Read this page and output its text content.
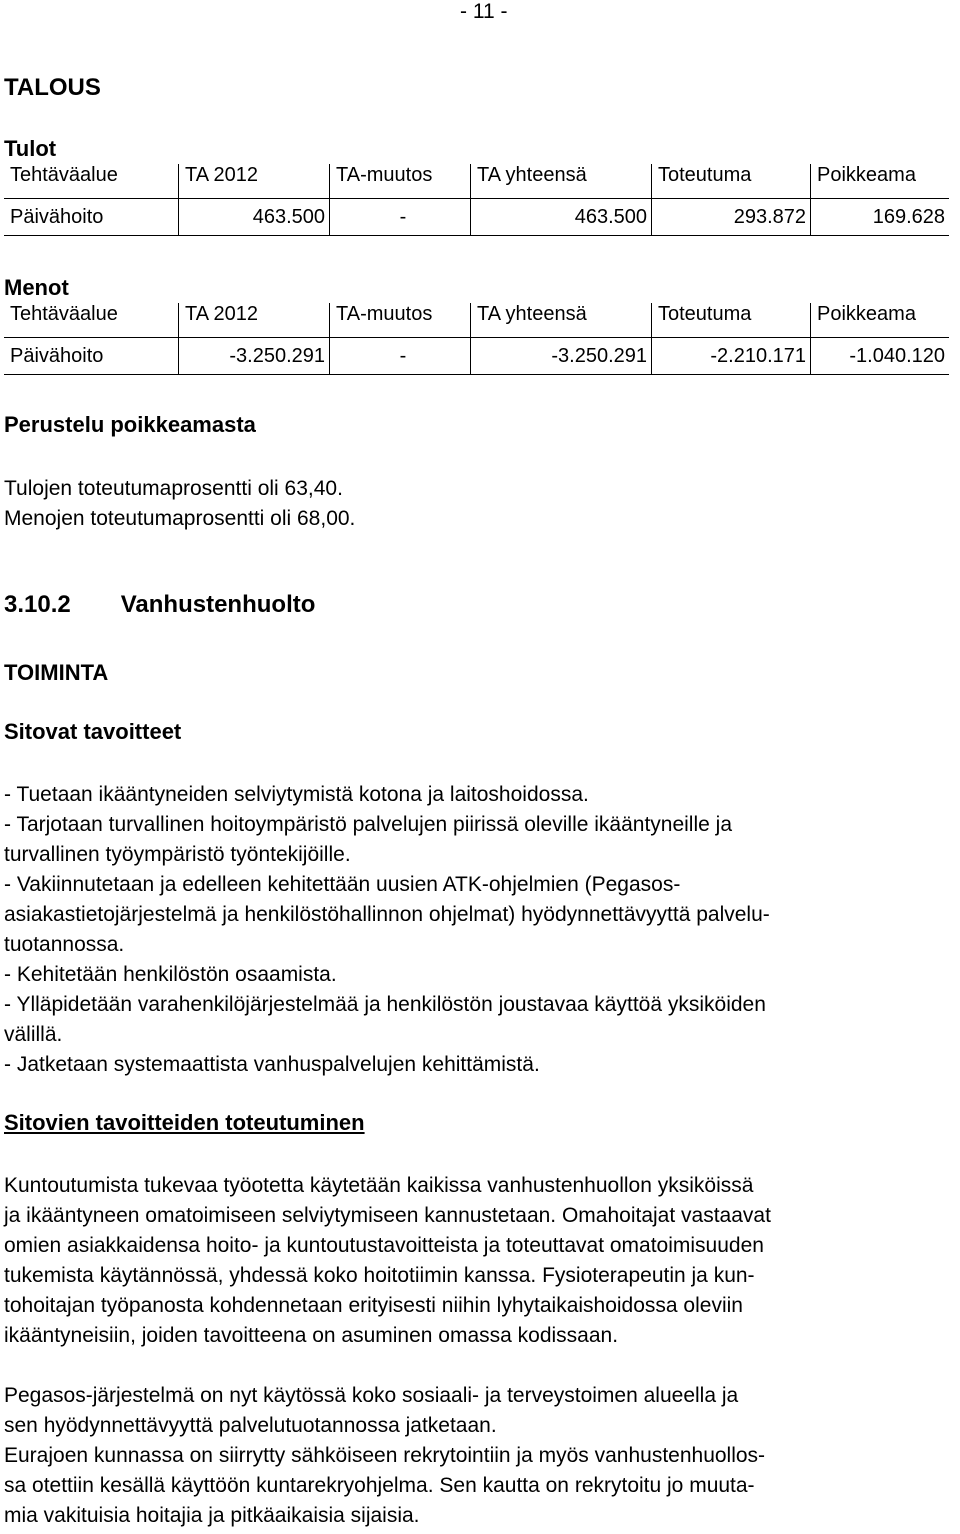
- 11 -
TALOUS
Tulot
Tehtäväalue	TA 2012	TA-muutos	TA yhteensä	Toteutuma	Poikkeama
Päivähoito	463.500	-	463.500	293.872	169.628
Menot
Tehtäväalue	TA 2012	TA-muutos	TA yhteensä	Toteutuma	Poikkeama
Päivähoito	-3.250.291	-	-3.250.291	-2.210.171	-1.040.120
Perustelu poikkeamasta
Tulojen toteutumaprosentti oli 63,40.
Menojen toteutumaprosentti oli 68,00.
3.10.2 Vanhustenhuolto
TOIMINTA
Sitovat tavoitteet
- Tuetaan ikääntyneiden selviytymistä kotona ja laitoshoidossa.
- Tarjotaan turvallinen hoitoympäristö palvelujen piirissä oleville ikääntyneille ja
turvallinen työympäristö työntekijöille.
- Vakiinnutetaan ja edelleen kehitettään uusien ATK-ohjelmien (Pegasos-
asiakastietojärjestelmä ja henkilöstöhallinnon ohjelmat) hyödynnettävyyttä palvelu-
tuotannossa.
- Kehitetään henkilöstön osaamista.
- Ylläpidetään varahenkilöjärjestelmää ja henkilöstön joustavaa käyttöä yksiköiden
välillä.
- Jatketaan systemaattista vanhuspalvelujen kehittämistä.
Sitovien tavoitteiden toteutuminen
Kuntoutumista tukevaa työotetta käytetään kaikissa vanhustenhuollon yksiköissä
ja ikääntyneen omatoimiseen selviytymiseen kannustetaan. Omahoitajat vastaavat
omien asiakkaidensa hoito- ja kuntoutustavoitteista ja toteuttavat omatoimisuuden
tukemista käytännössä, yhdessä koko hoitotiimin kanssa. Fysioterapeutin ja kun-
tohoitajan työpanosta kohdennetaan erityisesti niihin lyhytaikaishoidossa oleviin
ikääntyneisiin, joiden tavoitteena on asuminen omassa kodissaan.
Pegasos-järjestelmä on nyt käytössä koko sosiaali- ja terveystoimen alueella ja
sen hyödynnettävyyttä palvelutuotannossa jatketaan.
Eurajoen kunnassa on siirrytty sähköiseen rekrytointiin ja myös vanhustenhuollos-
sa otettiin kesällä käyttöön kuntarekryohjelma. Sen kautta on rekrytoitu jo muuta-
mia vakituisia hoitajia ja pitkäaikaisia sijaisia.
